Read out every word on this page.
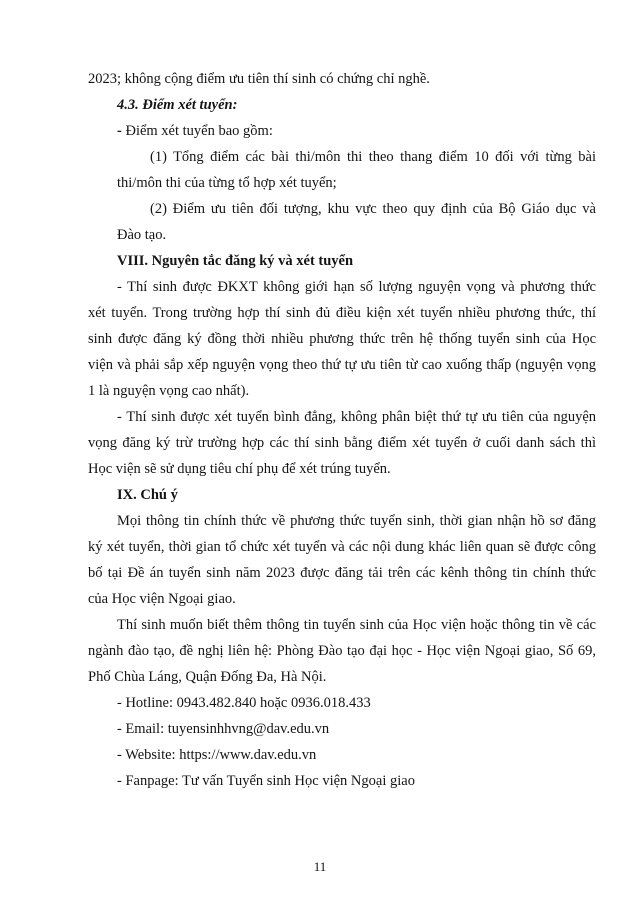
2023; không cộng điểm ưu tiên thí sinh có chứng chỉ nghề.
4.3. Điểm xét tuyển:
- Điểm xét tuyển bao gồm:
(1) Tổng điểm các bài thi/môn thi theo thang điểm 10 đối với từng bài
thi/môn thi của từng tổ hợp xét tuyển;
(2) Điểm ưu tiên đối tượng, khu vực theo quy định của Bộ Giáo dục và
Đào tạo.
VIII. Nguyên tắc đăng ký và xét tuyển
- Thí sinh được ĐKXT không giới hạn số lượng nguyện vọng và phương thức
xét tuyển. Trong trường hợp thí sinh đủ điều kiện xét tuyển nhiều phương thức, thí
sinh được đăng ký đồng thời nhiều phương thức trên hệ thống tuyển sinh của Học
viện và phải sắp xếp nguyện vọng theo thứ tự ưu tiên từ cao xuống thấp (nguyện vọng
1 là nguyện vọng cao nhất).
- Thí sinh được xét tuyển bình đẳng, không phân biệt thứ tự ưu tiên của nguyện
vọng đăng ký trừ trường hợp các thí sinh bằng điểm xét tuyển ở cuối danh sách thì
Học viện sẽ sử dụng tiêu chí phụ để xét trúng tuyển.
IX. Chú ý
Mọi thông tin chính thức về phương thức tuyển sinh, thời gian nhận hồ sơ đăng
ký xét tuyển, thời gian tổ chức xét tuyển và các nội dung khác liên quan sẽ được công
bố tại Đề án tuyển sinh năm 2023 được đăng tải trên các kênh thông tin chính thức
của Học viện Ngoại giao.
Thí sinh muốn biết thêm thông tin tuyển sinh của Học viện hoặc thông tin về các
ngành đào tạo, đề nghị liên hệ: Phòng Đào tạo đại học - Học viện Ngoại giao, Số 69,
Phố Chùa Láng, Quận Đống Đa, Hà Nội.
- Hotline: 0943.482.840 hoặc 0936.018.433
- Email: tuyensinhhvng@dav.edu.vn
- Website: https://www.dav.edu.vn
- Fanpage: Tư vấn Tuyển sinh Học viện Ngoại giao
11
